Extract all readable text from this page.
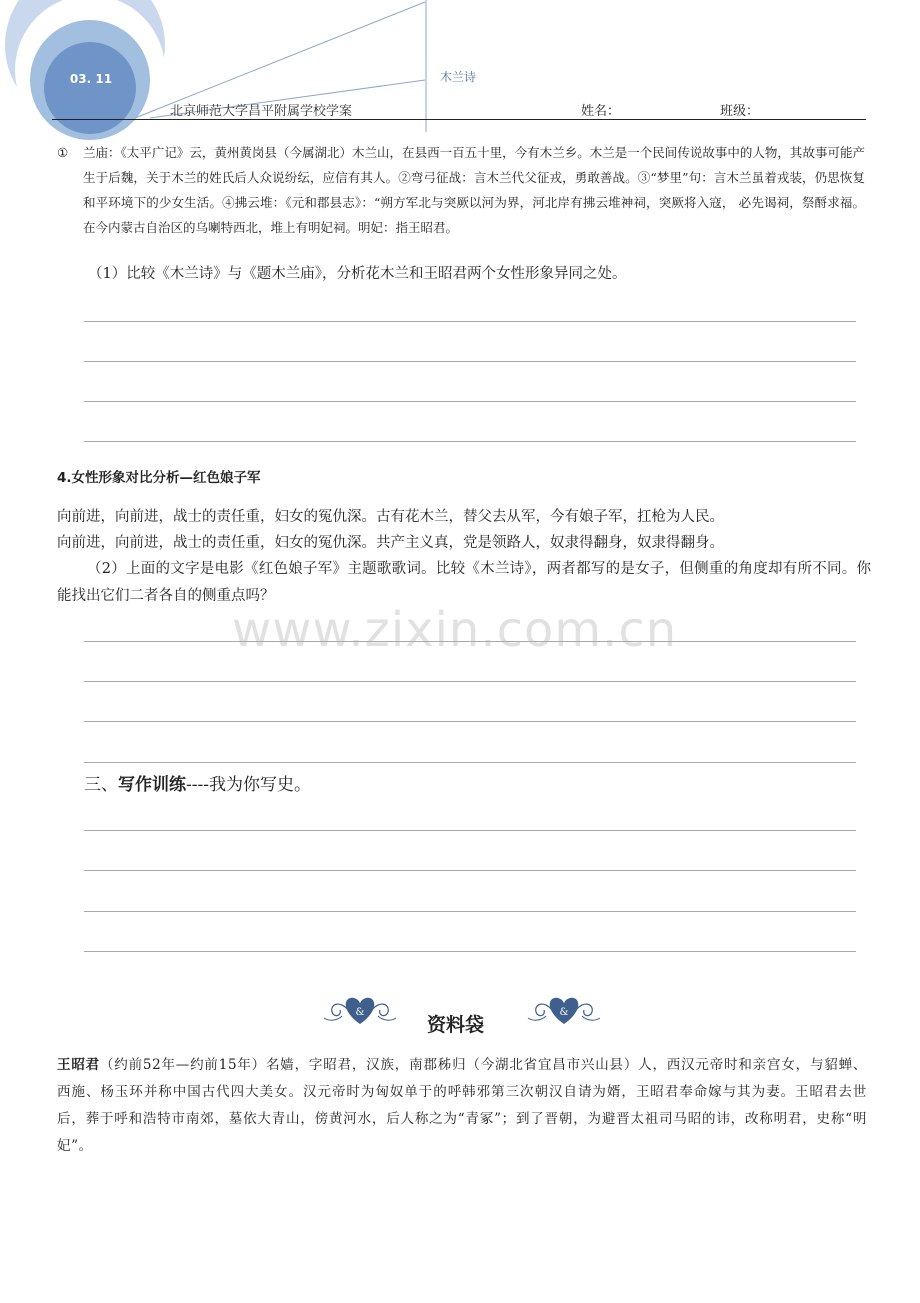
03. 11	木兰诗
北京师范大学昌平附属学校学案	姓名：	班级：
① 兰庙：《太平广记》云，黄州黄岗县（今属湖北）木兰山，在县西一百五十里，今有木兰乡。木兰是一个民间传说故事中的人物，其故事可能产生于后魏，关于木兰的姓氏后人众说纷纭，应信有其人。②弯弓征战：言木兰代父征戎，勇敢善战。③“梦里”句：言木兰虽着戎装，仍思恢复和平环境下的少女生活。④拂云堆：《元和郡县志》：“朔方军北与突厥以河为界，河北岸有拂云堆神祠，突厥将入寇， 必先谒祠，祭酹求福。在今内蒙古自治区的乌喇特西北，堆上有明妃祠。明妃：指王昭君。
（1）比较《木兰诗》与《题木兰庙》，分析花木兰和王昭君两个女性形象异同之处。
4.女性形象对比分析—红色娘子军
向前进，向前进，战士的责任重，妇女的冤仇深。古有花木兰，替父去从军，今有娘子军，扛枪为人民。
向前进，向前进，战士的责任重，妇女的冤仇深。共产主义真，党是领路人，奴隶得翻身，奴隶得翻身。
（2）上面的文字是电影《红色娘子军》主题歌歌词。比较《木兰诗》，两者都写的是女子，但侧重的角度却有所不同。你能找出它们二者各自的侧重点吗？
www.zixin.com.cn
三、写作训练----我为你写史。
&	&
资料袋
王昭君（约前52年—约前15年）名嫱，字昭君，汉族，南郡秭归（今湖北省宜昌市兴山县）人，西汉元帝时和亲宫女，与貂蝉、西施、杨玉环并称中国古代四大美女。汉元帝时为匈奴单于的呼韩邪第三次朝汉自请为婿，王昭君奉命嫁与其为妻。王昭君去世后，葬于呼和浩特市南郊，墓依大青山，傍黄河水，后人称之为“青冢”；到了晋朝，为避晋太祖司马昭的讳，改称明君，史称“明妃”。
